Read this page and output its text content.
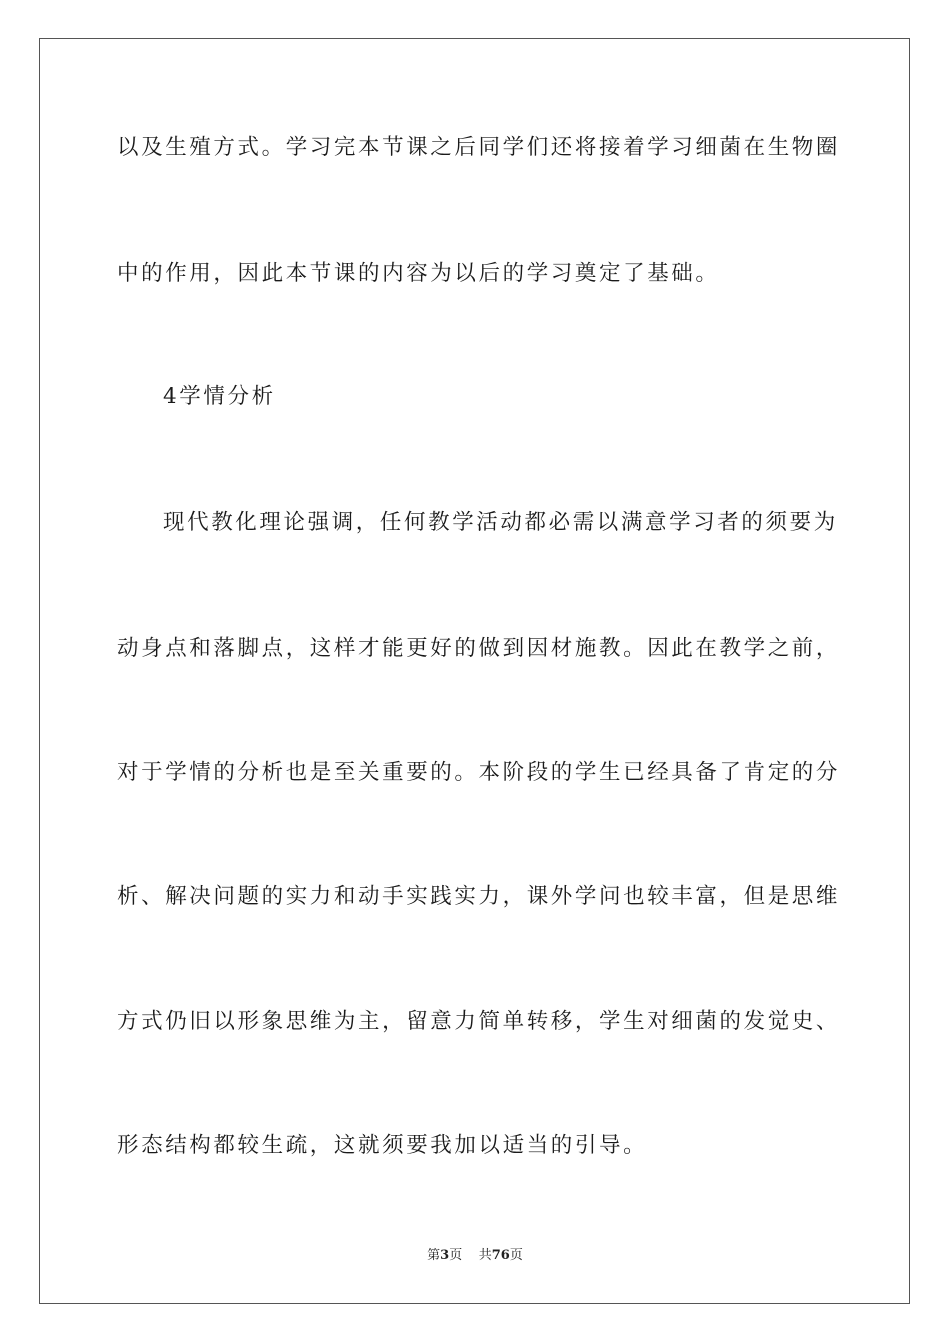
以及生殖方式。学习完本节课之后同学们还将接着学习细菌在生物圈
中的作用，因此本节课的内容为以后的学习奠定了基础。
4学情分析
现代教化理论强调，任何教学活动都必需以满意学习者的须要为
动身点和落脚点，这样才能更好的做到因材施教。因此在教学之前，
对于学情的分析也是至关重要的。本阶段的学生已经具备了肯定的分
析、解决问题的实力和动手实践实力，课外学问也较丰富，但是思维
方式仍旧以形象思维为主，留意力简单转移，学生对细菌的发觉史、
形态结构都较生疏，这就须要我加以适当的引导。
第3页 共76页
